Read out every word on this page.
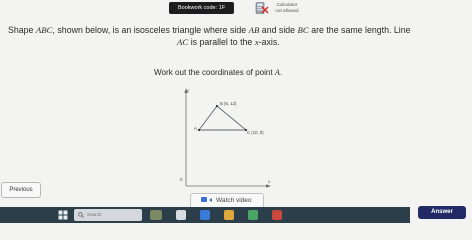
Bookwork code: 1F
Calculator
not allowed
Shape ABC, shown below, is an isosceles triangle where side AB and side BC are the same length. Line
AC is parallel to the x-axis.
Work out the coordinates of point A.
y
x
0
B (6, 12)
A
C (10, 8)
Previous
Watch video
Answer
Search
